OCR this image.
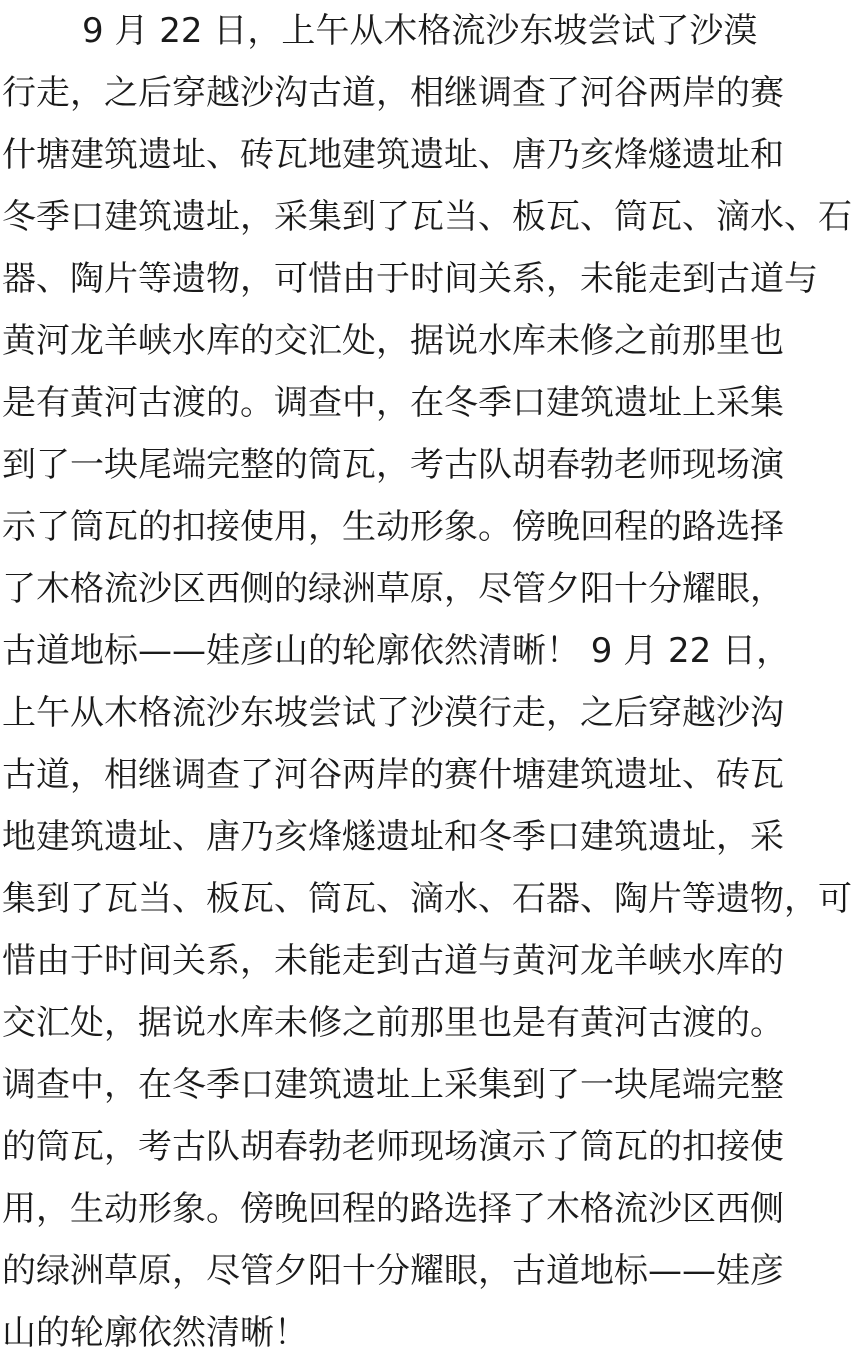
9 月 22 日，上午从木格流沙东坡尝试了沙漠
行走，之后穿越沙沟古道，相继调查了河谷两岸的赛
什塘建筑遗址、砖瓦地建筑遗址、唐乃亥烽燧遗址和
冬季口建筑遗址，采集到了瓦当、板瓦、筒瓦、滴水、石
器、陶片等遗物，可惜由于时间关系，未能走到古道与
黄河龙羊峡水库的交汇处，据说水库未修之前那里也
是有黄河古渡的。调查中，在冬季口建筑遗址上采集
到了一块尾端完整的筒瓦，考古队胡春勃老师现场演
示了筒瓦的扣接使用，生动形象。傍晚回程的路选择
了木格流沙区西侧的绿洲草原，尽管夕阳十分耀眼，
古道地标——娃彦山的轮廓依然清晰！ 9 月 22 日，
上午从木格流沙东坡尝试了沙漠行走，之后穿越沙沟
古道，相继调查了河谷两岸的赛什塘建筑遗址、砖瓦
地建筑遗址、唐乃亥烽燧遗址和冬季口建筑遗址，采
集到了瓦当、板瓦、筒瓦、滴水、石器、陶片等遗物，可
惜由于时间关系，未能走到古道与黄河龙羊峡水库的
交汇处，据说水库未修之前那里也是有黄河古渡的。
调查中，在冬季口建筑遗址上采集到了一块尾端完整
的筒瓦，考古队胡春勃老师现场演示了筒瓦的扣接使
用，生动形象。傍晚回程的路选择了木格流沙区西侧
的绿洲草原，尽管夕阳十分耀眼，古道地标——娃彦
山的轮廓依然清晰！
